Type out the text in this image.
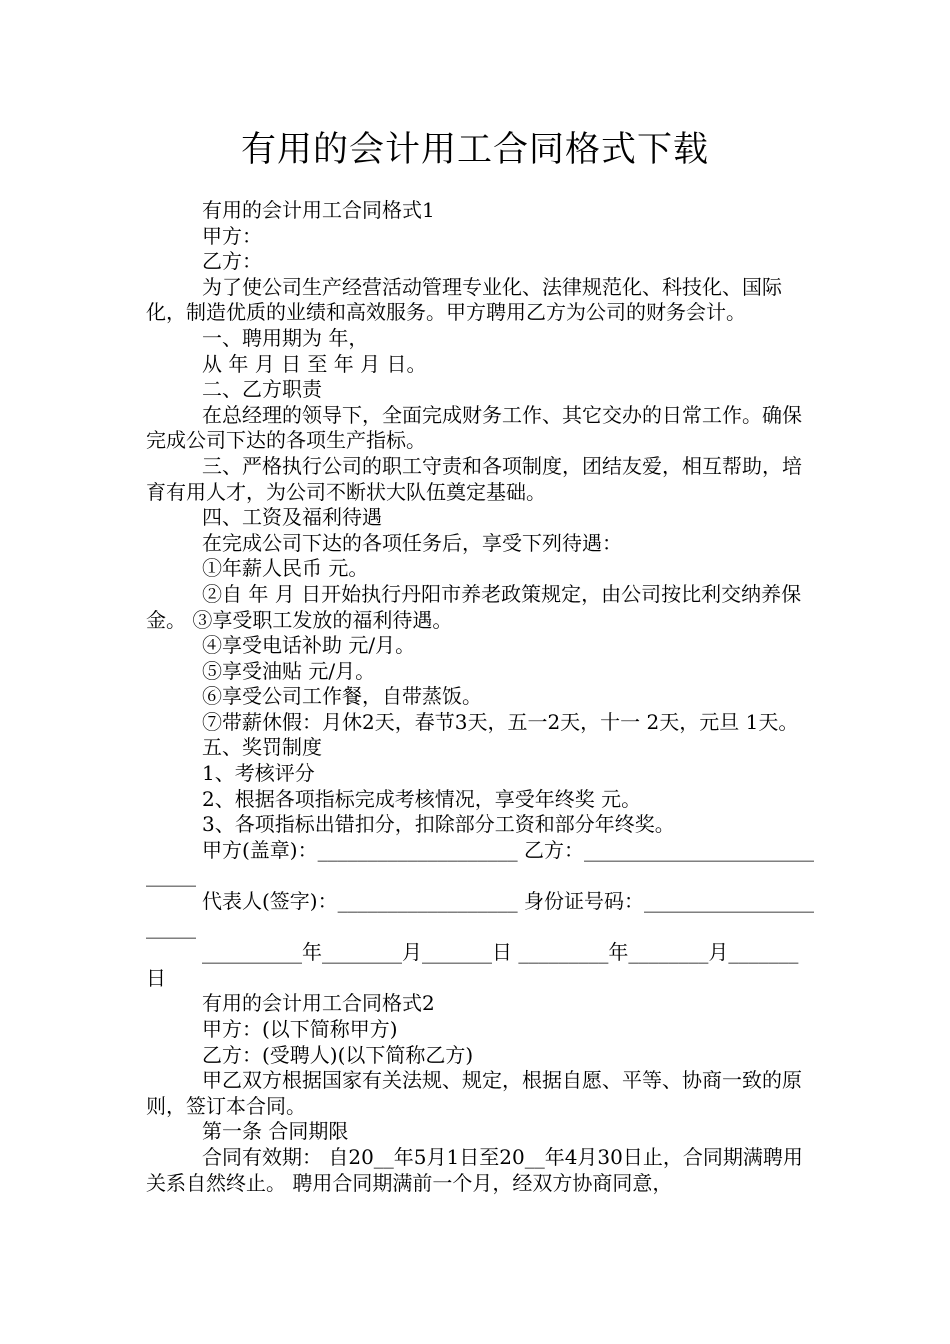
有用的会计用工合同格式下载

有用的会计用工合同格式1

甲方：

乙方：

为了使公司生产经营活动管理专业化、法律规范化、科技化、国际化，制造优质的业绩和高效服务。甲方聘用乙方为公司的财务会计。

一、聘用期为 年，

从 年 月 日 至 年 月 日。

二、乙方职责

在总经理的领导下，全面完成财务工作、其它交办的日常工作。确保完成公司下达的各项生产指标。

三、严格执行公司的职工守责和各项制度，团结友爱，相互帮助，培育有用人才，为公司不断状大队伍奠定基础。

四、工资及福利待遇

在完成公司下达的各项任务后，享受下列待遇：

①年薪人民币 元。

②自 年 月 日开始执行丹阳市养老政策规定，由公司按比利交纳养保金。 ③享受职工发放的福利待遇。

④享受电话补助 元/月。

⑤享受油贴 元/月。

⑥享受公司工作餐，自带蒸饭。

⑦带薪休假：月休2天，春节3天，五一2天，十一 2天，元旦 1天。

五、奖罚制度

1、考核评分

2、根据各项指标完成考核情况，享受年终奖 元。

3、各项指标出错扣分，扣除部分工资和部分年终奖。

甲方(盖章)：____________________ 乙方：____________________________

代表人(签字)：__________________ 身份证号码：______________________

__________年________月_______日 _________年________月_______日

有用的会计用工合同格式2

甲方：(以下简称甲方)

乙方：(受聘人)(以下简称乙方)

甲乙双方根据国家有关法规、规定，根据自愿、平等、协商一致的原则，签订本合同。

第一条 合同期限

合同有效期： 自20__年5月1日至20__年4月30日止，合同期满聘用关系自然终止。 聘用合同期满前一个月，经双方协商同意，
